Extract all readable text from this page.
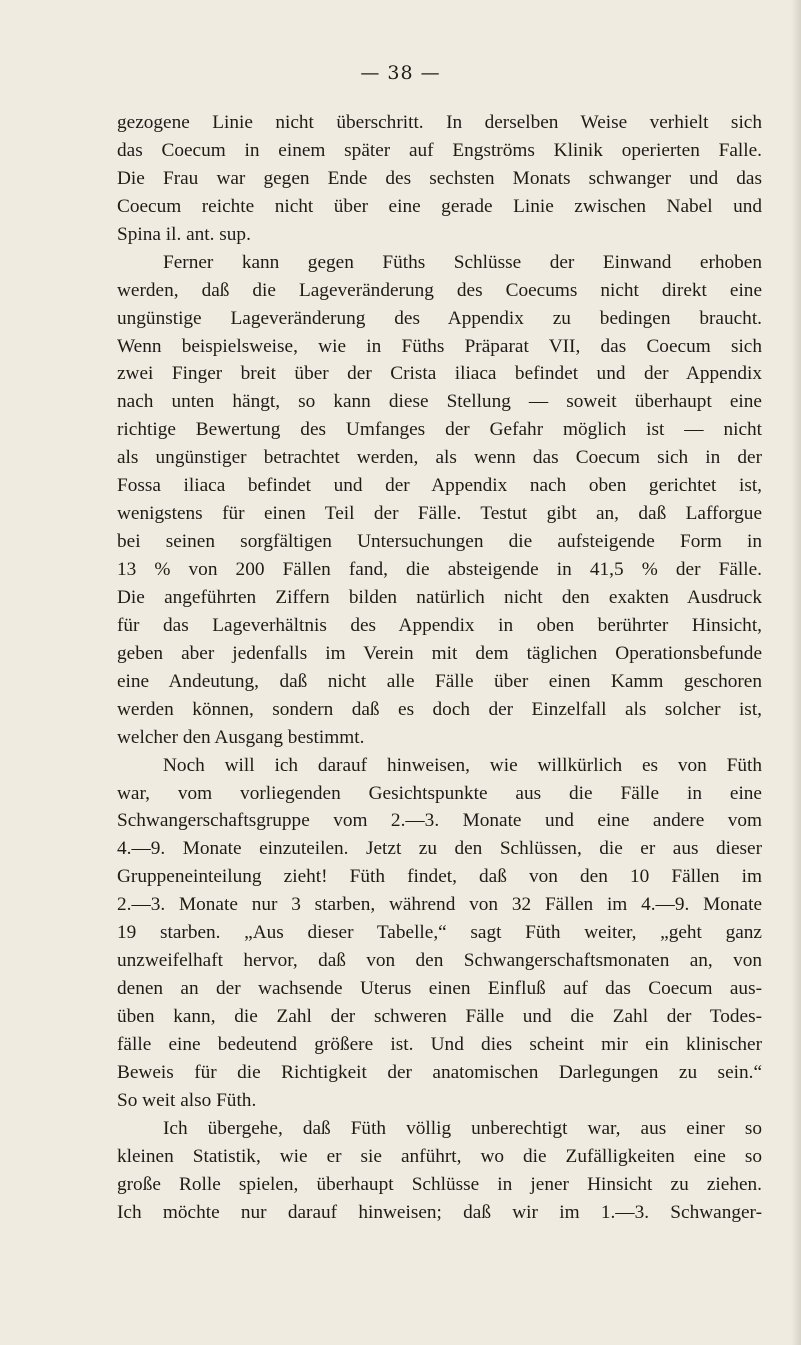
— 38 —
gezogene Linie nicht überschritt. In derselben Weise verhielt sich
das Coecum in einem später auf Engströms Klinik operierten Falle.
Die Frau war gegen Ende des sechsten Monats schwanger und das
Coecum reichte nicht über eine gerade Linie zwischen Nabel und
Spina il. ant. sup.
Ferner kann gegen Füths Schlüsse der Einwand erhoben
werden, daß die Lageveränderung des Coecums nicht direkt eine
ungünstige Lageveränderung des Appendix zu bedingen braucht.
Wenn beispielsweise, wie in Füths Präparat VII, das Coecum sich
zwei Finger breit über der Crista iliaca befindet und der Appendix
nach unten hängt, so kann diese Stellung — soweit überhaupt eine
richtige Bewertung des Umfanges der Gefahr möglich ist — nicht
als ungünstiger betrachtet werden, als wenn das Coecum sich in der
Fossa iliaca befindet und der Appendix nach oben gerichtet ist,
wenigstens für einen Teil der Fälle. Testut gibt an, daß Lafforgue
bei seinen sorgfältigen Untersuchungen die aufsteigende Form in
13 % von 200 Fällen fand, die absteigende in 41,5 % der Fälle.
Die angeführten Ziffern bilden natürlich nicht den exakten Ausdruck
für das Lageverhältnis des Appendix in oben berührter Hinsicht,
geben aber jedenfalls im Verein mit dem täglichen Operationsbefunde
eine Andeutung, daß nicht alle Fälle über einen Kamm geschoren
werden können, sondern daß es doch der Einzelfall als solcher ist,
welcher den Ausgang bestimmt.
Noch will ich darauf hinweisen, wie willkürlich es von Füth
war, vom vorliegenden Gesichtspunkte aus die Fälle in eine
Schwangerschaftsgruppe vom 2.—3. Monate und eine andere vom
4.—9. Monate einzuteilen. Jetzt zu den Schlüssen, die er aus dieser
Gruppeneinteilung zieht! Füth findet, daß von den 10 Fällen im
2.—3. Monate nur 3 starben, während von 32 Fällen im 4.—9. Monate
19 starben. „Aus dieser Tabelle,“ sagt Füth weiter, „geht ganz
unzweifelhaft hervor, daß von den Schwangerschaftsmonaten an, von
denen an der wachsende Uterus einen Einfluß auf das Coecum aus-
üben kann, die Zahl der schweren Fälle und die Zahl der Todes-
fälle eine bedeutend größere ist. Und dies scheint mir ein klinischer
Beweis für die Richtigkeit der anatomischen Darlegungen zu sein.“
So weit also Füth.
Ich übergehe, daß Füth völlig unberechtigt war, aus einer so
kleinen Statistik, wie er sie anführt, wo die Zufälligkeiten eine so
große Rolle spielen, überhaupt Schlüsse in jener Hinsicht zu ziehen.
Ich möchte nur darauf hinweisen; daß wir im 1.—3. Schwanger-
